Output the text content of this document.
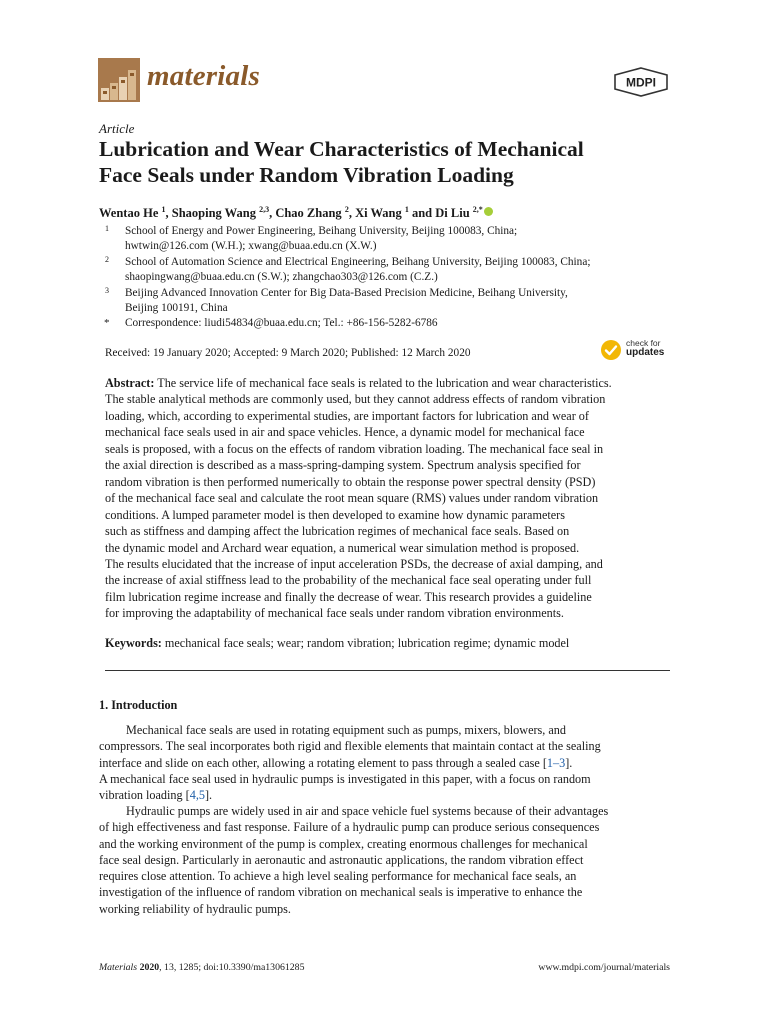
materials	MDPI
Article
Lubrication and Wear Characteristics of Mechanical
Face Seals under Random Vibration Loading
Wentao He $^1$, Shaoping Wang $^{2,3}$, Chao Zhang $^2$, Xi Wang $^1$ and Di Liu $^{2,*}$
1 School of Energy and Power Engineering, Beihang University, Beijing 100083, China;
hwtwin@126.com (W.H.); xwang@buaa.edu.cn (X.W.)
2 School of Automation Science and Electrical Engineering, Beihang University, Beijing 100083, China;
shaopingwang@buaa.edu.cn (S.W.); zhangchao303@126.com (C.Z.)
3 Beijing Advanced Innovation Center for Big Data-Based Precision Medicine, Beihang University,
Beijing 100191, China
* Correspondence: liudi54834@buaa.edu.cn; Tel.: +86-156-5282-6786
Received: 19 January 2020; Accepted: 9 March 2020; Published: 12 March 2020
check for
updates
Abstract: The service life of mechanical face seals is related to the lubrication and wear characteristics.
The stable analytical methods are commonly used, but they cannot address effects of random vibration
loading, which, according to experimental studies, are important factors for lubrication and wear of
mechanical face seals used in air and space vehicles. Hence, a dynamic model for mechanical face
seals is proposed, with a focus on the effects of random vibration loading. The mechanical face seal in
the axial direction is described as a mass-spring-damping system. Spectrum analysis specified for
random vibration is then performed numerically to obtain the response power spectral density (PSD)
of the mechanical face seal and calculate the root mean square (RMS) values under random vibration
conditions. A lumped parameter model is then developed to examine how dynamic parameters
such as stiffness and damping affect the lubrication regimes of mechanical face seals. Based on
the dynamic model and Archard wear equation, a numerical wear simulation method is proposed.
The results elucidated that the increase of input acceleration PSDs, the decrease of axial damping, and
the increase of axial stiffness lead to the probability of the mechanical face seal operating under full
film lubrication regime increase and finally the decrease of wear. This research provides a guideline
for improving the adaptability of mechanical face seals under random vibration environments.
Keywords: mechanical face seals; wear; random vibration; lubrication regime; dynamic model
1. Introduction
Mechanical face seals are used in rotating equipment such as pumps, mixers, blowers, and
compressors. The seal incorporates both rigid and flexible elements that maintain contact at the sealing
interface and slide on each other, allowing a rotating element to pass through a sealed case [1–3].
A mechanical face seal used in hydraulic pumps is investigated in this paper, with a focus on random
vibration loading [4,5].
Hydraulic pumps are widely used in air and space vehicle fuel systems because of their advantages
of high effectiveness and fast response. Failure of a hydraulic pump can produce serious consequences
and the working environment of the pump is complex, creating enormous challenges for mechanical
face seal design. Particularly in aeronautic and astronautic applications, the random vibration effect
requires close attention. To achieve a high level sealing performance for mechanical face seals, an
investigation of the influence of random vibration on mechanical seals is imperative to enhance the
working reliability of hydraulic pumps.
Materials 2020, 13, 1285; doi:10.3390/ma13061285	www.mdpi.com/journal/materials
